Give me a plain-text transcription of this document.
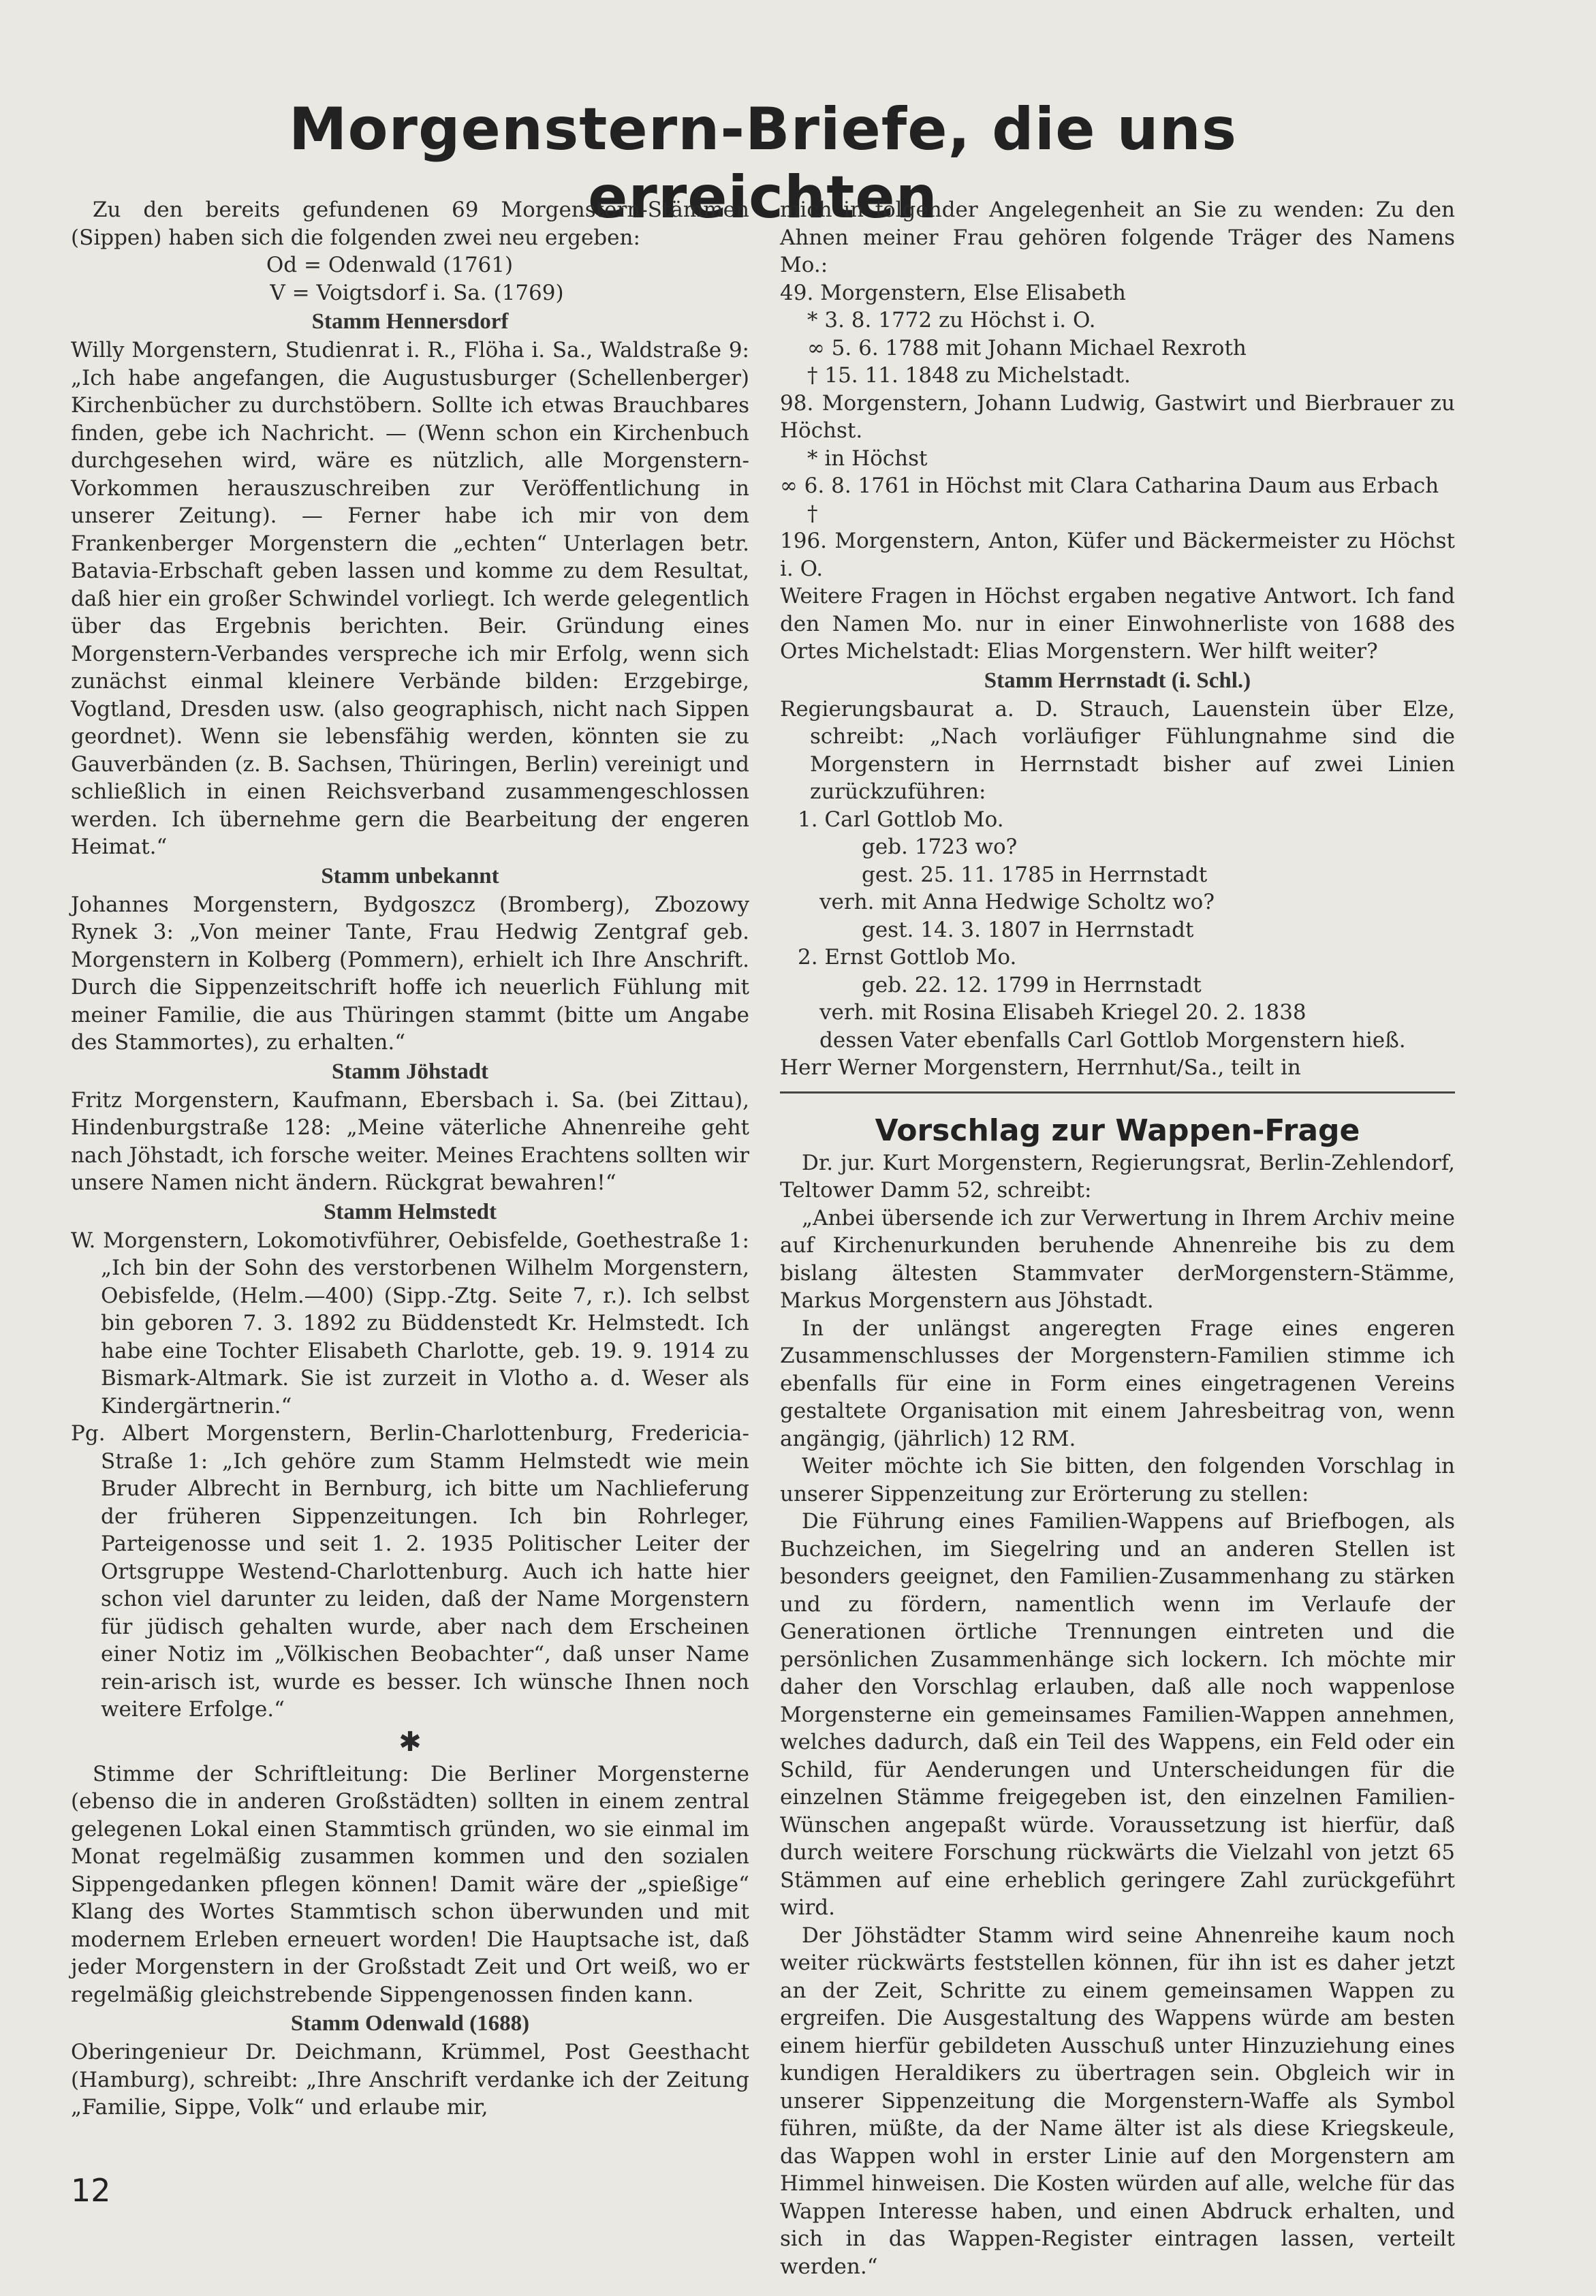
Morgenstern-Briefe, die uns erreichten

Zu den bereits gefundenen 69 Morgenstern-Stämmen (Sippen) haben sich die folgenden zwei neu ergeben:

Od = Odenwald (1761)

V = Voigtsdorf i. Sa. (1769)

Stamm Hennersdorf

Willy Morgenstern, Studienrat i. R., Flöha i. Sa., Waldstraße 9: „Ich habe angefangen, die Augustusburger (Schellenberger) Kirchenbücher zu durchstöbern. Sollte ich etwas Brauchbares finden, gebe ich Nachricht. — (Wenn schon ein Kirchenbuch durchgesehen wird, wäre es nützlich, alle Morgenstern-Vorkommen herauszuschreiben zur Veröffentlichung in unserer Zeitung). — Ferner habe ich mir von dem Frankenberger Morgenstern die „echten“ Unterlagen betr. Batavia-Erbschaft geben lassen und komme zu dem Resultat, daß hier ein großer Schwindel vorliegt. Ich werde gelegentlich über das Ergebnis berichten. Beir. Gründung eines Morgenstern-Verbandes verspreche ich mir Erfolg, wenn sich zunächst einmal kleinere Verbände bilden: Erzgebirge, Vogtland, Dresden usw. (also geographisch, nicht nach Sippen geordnet). Wenn sie lebensfähig werden, könnten sie zu Gauverbänden (z. B. Sachsen, Thüringen, Berlin) vereinigt und schließlich in einen Reichsverband zusammengeschlossen werden. Ich übernehme gern die Bearbeitung der engeren Heimat.“

Stamm unbekannt

Johannes Morgenstern, Bydgoszcz (Bromberg), Zbozowy Rynek 3: „Von meiner Tante, Frau Hedwig Zentgraf geb. Morgenstern in Kolberg (Pommern), erhielt ich Ihre Anschrift. Durch die Sippenzeitschrift hoffe ich neuerlich Fühlung mit meiner Familie, die aus Thüringen stammt (bitte um Angabe des Stammortes), zu erhalten.“

Stamm Jöhstadt

Fritz Morgenstern, Kaufmann, Ebersbach i. Sa. (bei Zittau), Hindenburgstraße 128: „Meine väterliche Ahnenreihe geht nach Jöhstadt, ich forsche weiter. Meines Erachtens sollten wir unsere Namen nicht ändern. Rückgrat bewahren!“

Stamm Helmstedt

W. Morgenstern, Lokomotivführer, Oebisfelde, Goethestraße 1: „Ich bin der Sohn des verstorbenen Wilhelm Morgenstern, Oebisfelde, (Helm.—400) (Sipp.-Ztg. Seite 7, r.). Ich selbst bin geboren 7. 3. 1892 zu Büddenstedt Kr. Helmstedt. Ich habe eine Tochter Elisabeth Charlotte, geb. 19. 9. 1914 zu Bismark-Altmark. Sie ist zurzeit in Vlotho a. d. Weser als Kindergärtnerin.“

Pg. Albert Morgenstern, Berlin-Charlottenburg, Fredericia-Straße 1: „Ich gehöre zum Stamm Helmstedt wie mein Bruder Albrecht in Bernburg, ich bitte um Nachlieferung der früheren Sippenzeitungen. Ich bin Rohrleger, Parteigenosse und seit 1. 2. 1935 Politischer Leiter der Ortsgruppe Westend-Charlottenburg. Auch ich hatte hier schon viel darunter zu leiden, daß der Name Morgenstern für jüdisch gehalten wurde, aber nach dem Erscheinen einer Notiz im „Völkischen Beobachter“, daß unser Name rein-arisch ist, wurde es besser. Ich wünsche Ihnen noch weitere Erfolge.“

✱

Stimme der Schriftleitung: Die Berliner Morgensterne (ebenso die in anderen Großstädten) sollten in einem zentral gelegenen Lokal einen Stammtisch gründen, wo sie einmal im Monat regelmäßig zusammen kommen und den sozialen Sippengedanken pflegen können! Damit wäre der „spießige“ Klang des Wortes Stammtisch schon überwunden und mit modernem Erleben erneuert worden! Die Hauptsache ist, daß jeder Morgenstern in der Großstadt Zeit und Ort weiß, wo er regelmäßig gleichstrebende Sippengenossen finden kann.

Stamm Odenwald (1688)

Oberingenieur Dr. Deichmann, Krümmel, Post Geesthacht (Hamburg), schreibt: „Ihre Anschrift verdanke ich der Zeitung „Familie, Sippe, Volk“ und erlaube mir,

mich in folgender Angelegenheit an Sie zu wenden: Zu den Ahnen meiner Frau gehören folgende Träger des Namens Mo.:

49. Morgenstern, Else Elisabeth

* 3. 8. 1772 zu Höchst i. O.

∞ 5. 6. 1788 mit Johann Michael Rexroth

† 15. 11. 1848 zu Michelstadt.

98. Morgenstern, Johann Ludwig, Gastwirt und Bierbrauer zu Höchst.

* in Höchst

∞ 6. 8. 1761 in Höchst mit Clara Catharina Daum aus Erbach

†

196. Morgenstern, Anton, Küfer und Bäckermeister zu Höchst i. O.

Weitere Fragen in Höchst ergaben negative Antwort. Ich fand den Namen Mo. nur in einer Einwohnerliste von 1688 des Ortes Michelstadt: Elias Morgenstern. Wer hilft weiter?

Stamm Herrnstadt (i. Schl.)

Regierungsbaurat a. D. Strauch, Lauenstein über Elze, schreibt: „Nach vorläufiger Fühlungnahme sind die Morgenstern in Herrnstadt bisher auf zwei Linien zurückzuführen:

1. Carl Gottlob Mo.

geb. 1723 wo?

gest. 25. 11. 1785 in Herrnstadt

verh. mit Anna Hedwige Scholtz wo?

gest. 14. 3. 1807 in Herrnstadt

2. Ernst Gottlob Mo.

geb. 22. 12. 1799 in Herrnstadt

verh. mit Rosina Elisabeh Kriegel 20. 2. 1838

dessen Vater ebenfalls Carl Gottlob Morgenstern hieß.

Herr Werner Morgenstern, Herrnhut/Sa., teilt in

Vorschlag zur Wappen-Frage

Dr. jur. Kurt Morgenstern, Regierungsrat, Berlin-Zehlendorf, Teltower Damm 52, schreibt:

„Anbei übersende ich zur Verwertung in Ihrem Archiv meine auf Kirchenurkunden beruhende Ahnenreihe bis zu dem bislang ältesten Stammvater derMorgenstern-Stämme, Markus Morgenstern aus Jöhstadt.

In der unlängst angeregten Frage eines engeren Zusammenschlusses der Morgenstern-Familien stimme ich ebenfalls für eine in Form eines eingetragenen Vereins gestaltete Organisation mit einem Jahresbeitrag von, wenn angängig, (jährlich) 12 RM.

Weiter möchte ich Sie bitten, den folgenden Vorschlag in unserer Sippenzeitung zur Erörterung zu stellen:

Die Führung eines Familien-Wappens auf Briefbogen, als Buchzeichen, im Siegelring und an anderen Stellen ist besonders geeignet, den Familien-Zusammenhang zu stärken und zu fördern, namentlich wenn im Verlaufe der Generationen örtliche Trennungen eintreten und die persönlichen Zusammenhänge sich lockern. Ich möchte mir daher den Vorschlag erlauben, daß alle noch wappenlose Morgensterne ein gemeinsames Familien-Wappen annehmen, welches dadurch, daß ein Teil des Wappens, ein Feld oder ein Schild, für Aenderungen und Unterscheidungen für die einzelnen Stämme freigegeben ist, den einzelnen Familien-Wünschen angepaßt würde. Voraussetzung ist hierfür, daß durch weitere Forschung rückwärts die Vielzahl von jetzt 65 Stämmen auf eine erheblich geringere Zahl zurückgeführt wird.

Der Jöhstädter Stamm wird seine Ahnenreihe kaum noch weiter rückwärts feststellen können, für ihn ist es daher jetzt an der Zeit, Schritte zu einem gemeinsamen Wappen zu ergreifen. Die Ausgestaltung des Wappens würde am besten einem hierfür gebildeten Ausschuß unter Hinzuziehung eines kundigen Heraldikers zu übertragen sein. Obgleich wir in unserer Sippenzeitung die Morgenstern-Waffe als Symbol führen, müßte, da der Name älter ist als diese Kriegskeule, das Wappen wohl in erster Linie auf den Morgenstern am Himmel hinweisen. Die Kosten würden auf alle, welche für das Wappen Interesse haben, und einen Abdruck erhalten, und sich in das Wappen-Register eintragen lassen, verteilt werden.“

12
